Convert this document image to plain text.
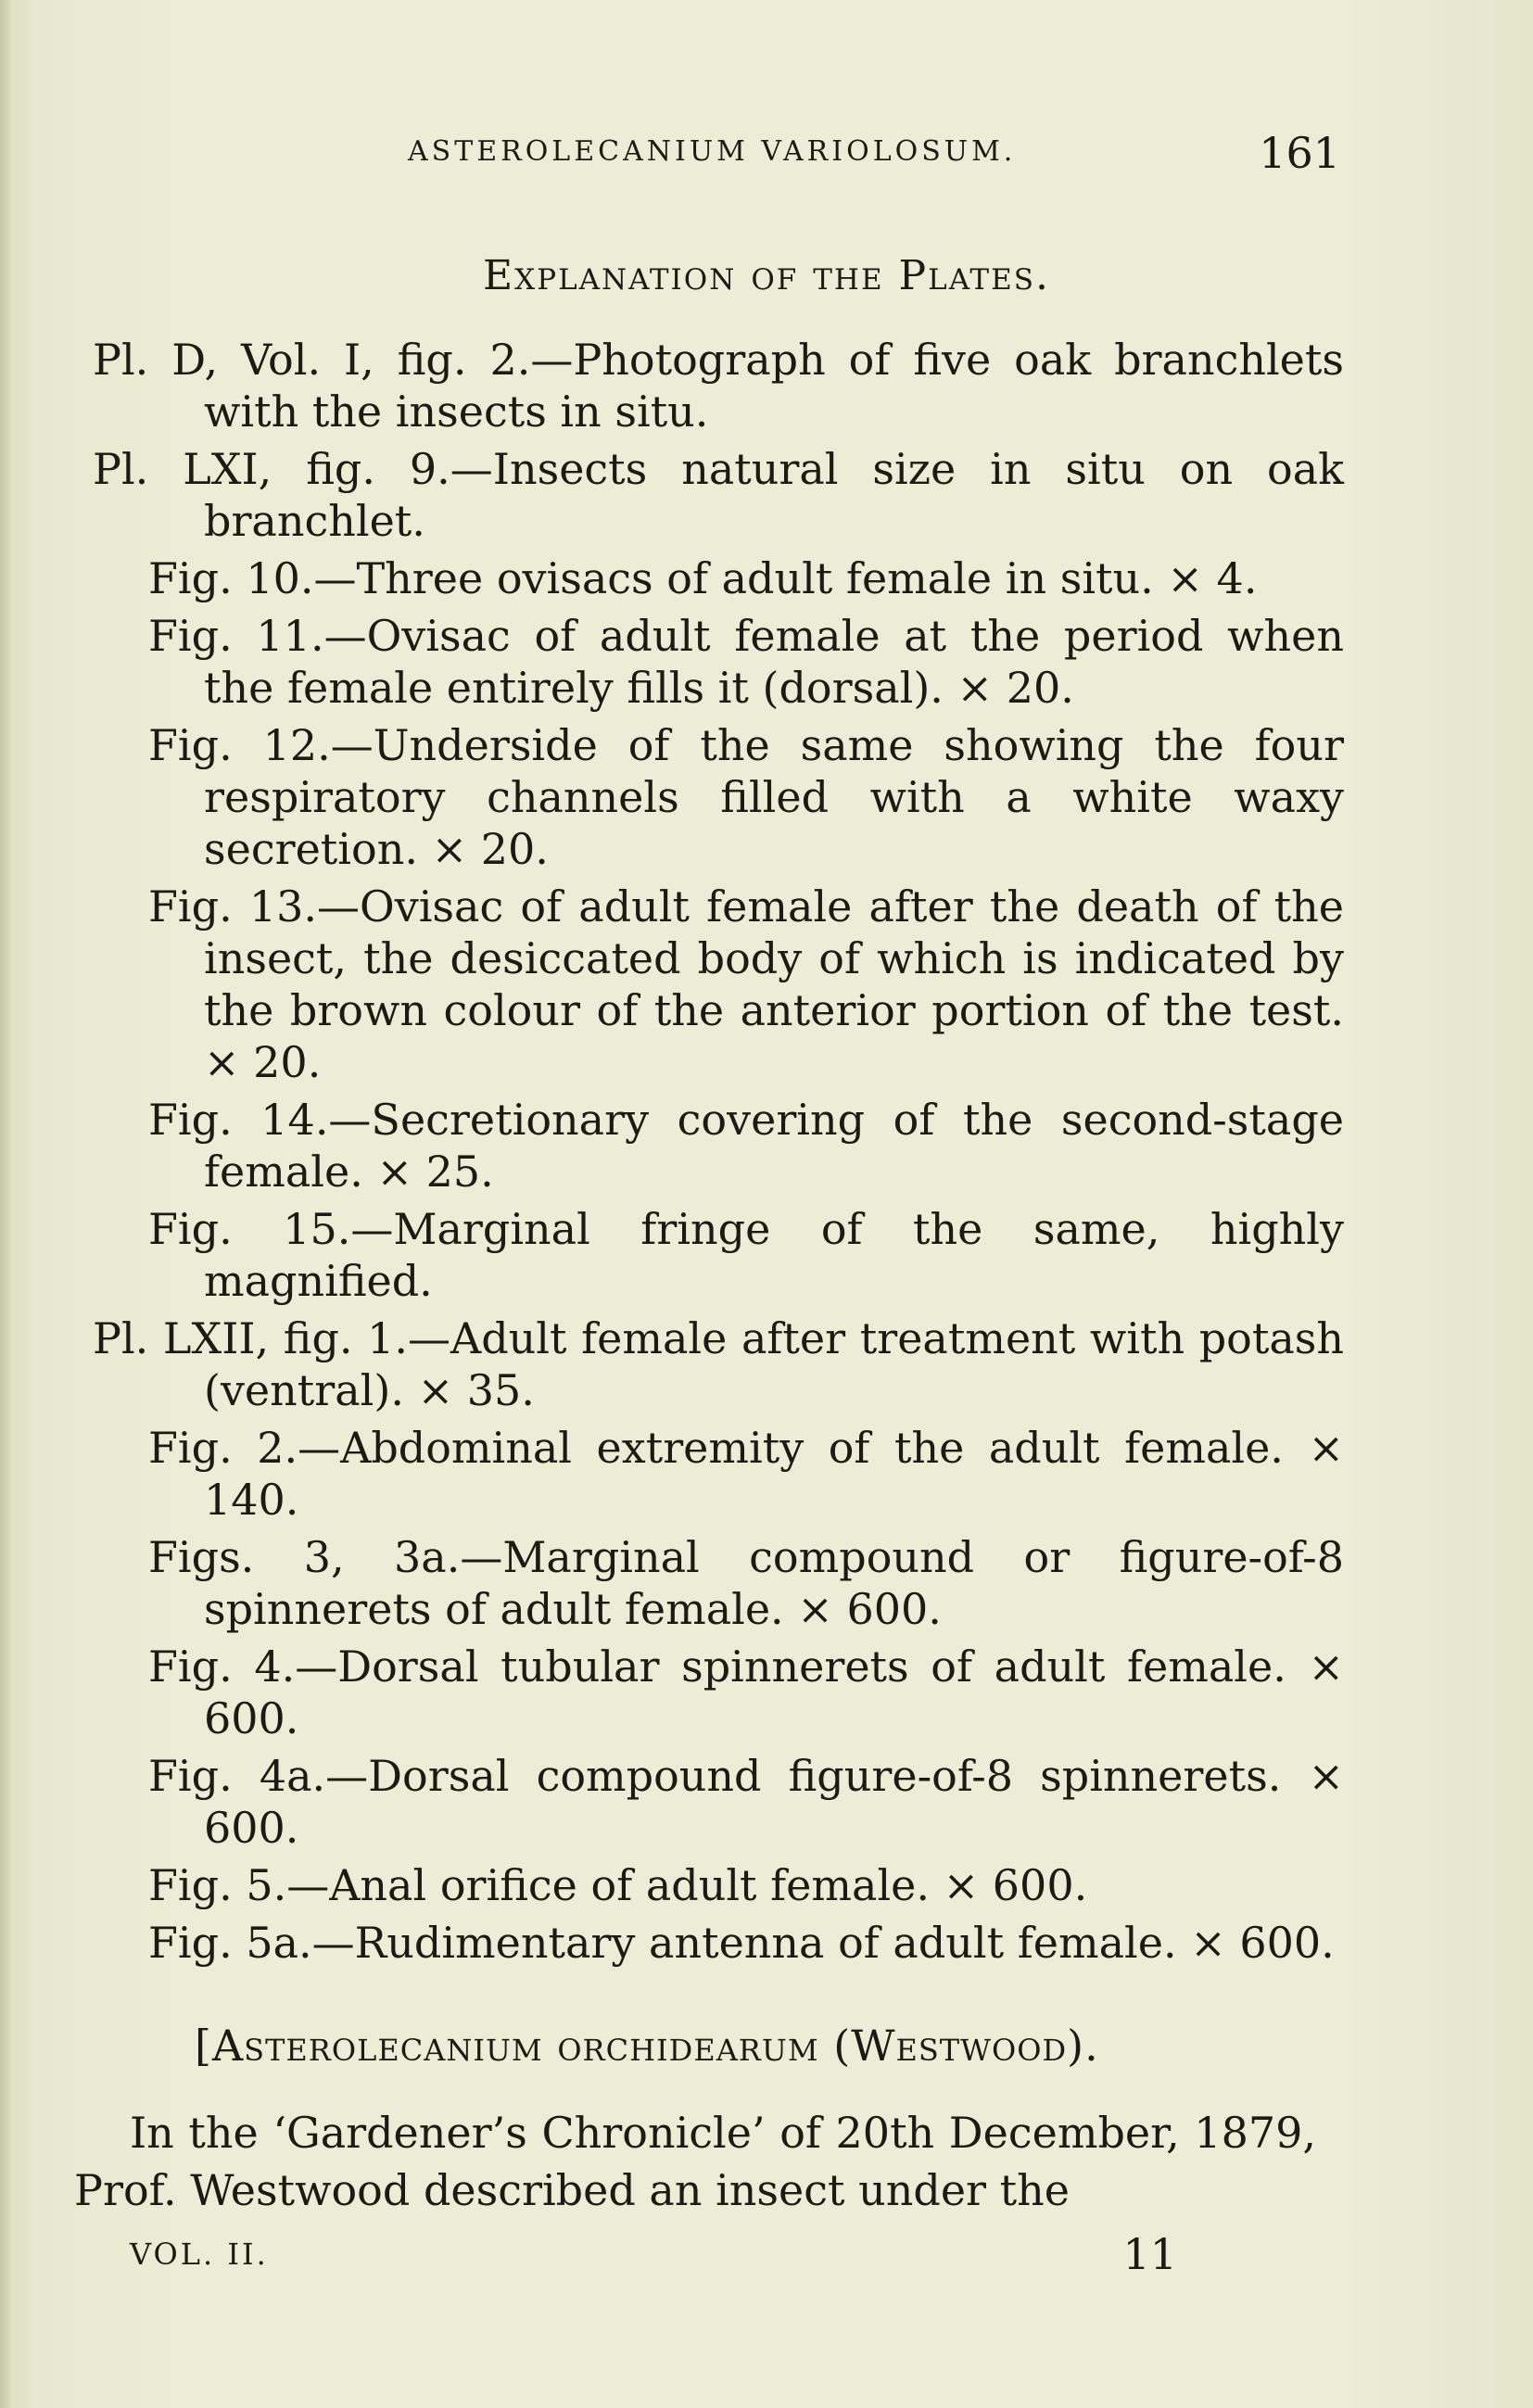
ASTEROLECANIUM VARIOLOSUM.	161
Explanation of the Plates.

Pl. D, Vol. I, fig. 2.—Photograph of five oak branchlets with the insects in situ.

Pl. LXI, fig. 9.—Insects natural size in situ on oak branchlet.

Fig. 10.—Three ovisacs of adult female in situ. × 4.

Fig. 11.—Ovisac of adult female at the period when the female entirely fills it (dorsal). × 20.

Fig. 12.—Underside of the same showing the four respiratory channels filled with a white waxy secretion. × 20.

Fig. 13.—Ovisac of adult female after the death of the insect, the desiccated body of which is indicated by the brown colour of the anterior portion of the test. × 20.

Fig. 14.—Secretionary covering of the second-stage female. × 25.

Fig. 15.—Marginal fringe of the same, highly magnified.

Pl. LXII, fig. 1.—Adult female after treatment with potash (ventral). × 35.

Fig. 2.—Abdominal extremity of the adult female. × 140.

Figs. 3, 3a.—Marginal compound or figure-of-8 spinnerets of adult female. × 600.

Fig. 4.—Dorsal tubular spinnerets of adult female. × 600.

Fig. 4a.—Dorsal compound figure-of-8 spinnerets. × 600.

Fig. 5.—Anal orifice of adult female. × 600.

Fig. 5a.—Rudimentary antenna of adult female. × 600.

[Asterolecanium orchidearum (Westwood).

In the ‘Gardener’s Chronicle’ of 20th December, 1879, Prof. Westwood described an insect under the

VOL. II.	11
